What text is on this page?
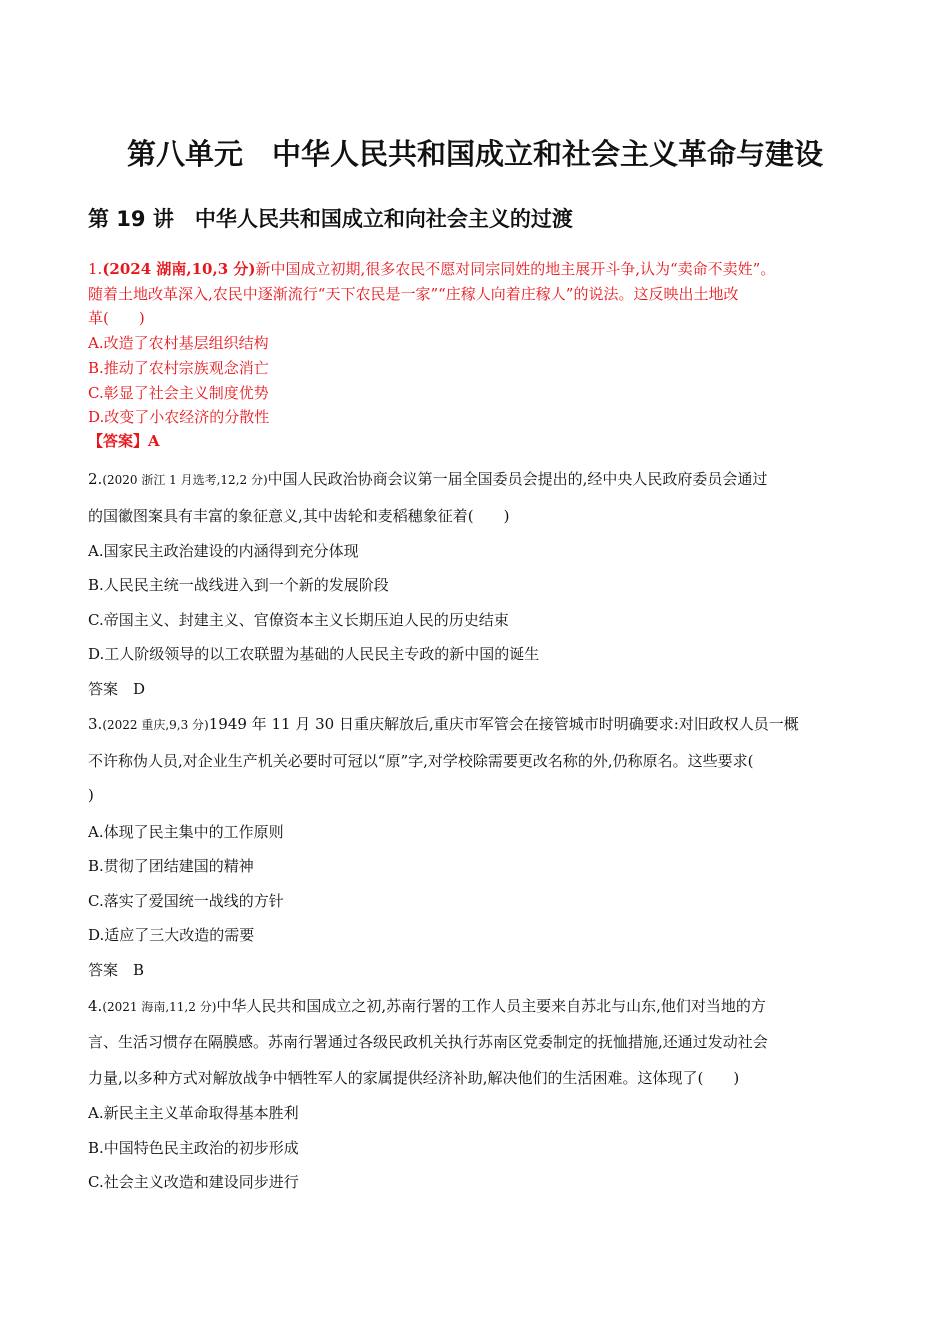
第八单元　中华人民共和国成立和社会主义革命与建设
第 19 讲　中华人民共和国成立和向社会主义的过渡
1.(2024 湖南,10,3 分)新中国成立初期,很多农民不愿对同宗同姓的地主展开斗争,认为“卖命不卖姓”。
随着土地改革深入,农民中逐渐流行“天下农民是一家”“庄稼人向着庄稼人”的说法。这反映出土地改
革(　　)
A.改造了农村基层组织结构
B.推动了农村宗族观念消亡
C.彰显了社会主义制度优势
D.改变了小农经济的分散性
【答案】A
2.(2020 浙江 1 月选考,12,2 分)中国人民政治协商会议第一届全国委员会提出的,经中央人民政府委员会通过
的国徽图案具有丰富的象征意义,其中齿轮和麦稻穗象征着(　　)
A.国家民主政治建设的内涵得到充分体现
B.人民民主统一战线进入到一个新的发展阶段
C.帝国主义、封建主义、官僚资本主义长期压迫人民的历史结束
D.工人阶级领导的以工农联盟为基础的人民民主专政的新中国的诞生
答案　D
3.(2022 重庆,9,3 分)1949 年 11 月 30 日重庆解放后,重庆市军管会在接管城市时明确要求:对旧政权人员一概
不许称伪人员,对企业生产机关必要时可冠以“原”字,对学校除需要更改名称的外,仍称原名。这些要求(
)
A.体现了民主集中的工作原则
B.贯彻了团结建国的精神
C.落实了爱国统一战线的方针
D.适应了三大改造的需要
答案　B
4.(2021 海南,11,2 分)中华人民共和国成立之初,苏南行署的工作人员主要来自苏北与山东,他们对当地的方
言、生活习惯存在隔膜感。苏南行署通过各级民政机关执行苏南区党委制定的抚恤措施,还通过发动社会
力量,以多种方式对解放战争中牺牲军人的家属提供经济补助,解决他们的生活困难。这体现了(　　)
A.新民主主义革命取得基本胜利
B.中国特色民主政治的初步形成
C.社会主义改造和建设同步进行
